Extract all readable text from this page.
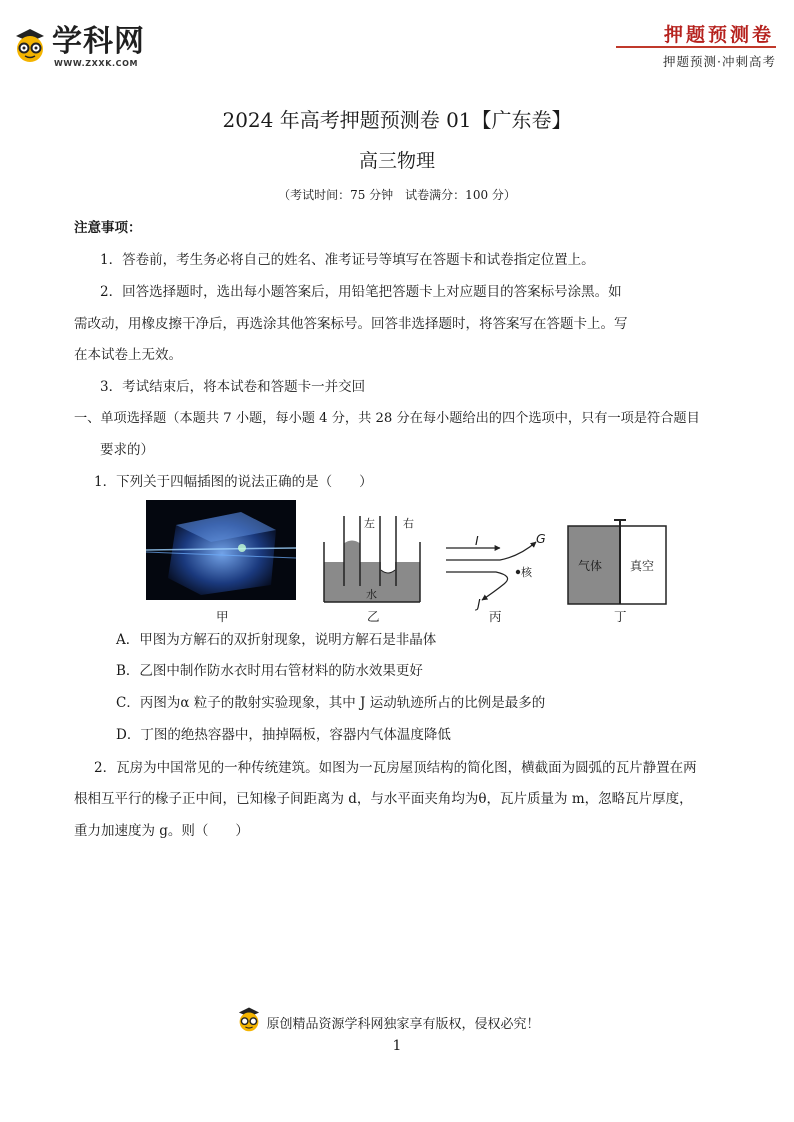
学科网
WWW.ZXXK.COM
押题预测卷
押题预测·冲刺高考
2024 年高考押题预测卷 01【广东卷】
高三物理
（考试时间：75 分钟　试卷满分：100 分）
注意事项：
1．答卷前，考生务必将自己的姓名、准考证号等填写在答题卡和试卷指定位置上。
2．回答选择题时，选出每小题答案后，用铅笔把答题卡上对应题目的答案标号涂黑。如
需改动，用橡皮擦干净后，再选涂其他答案标号。回答非选择题时，将答案写在答题卡上。写
在本试卷上无效。
3．考试结束后，将本试卷和答题卡一并交回
一、单项选择题（本题共 7 小题，每小题 4 分，共 28 分在每小题给出的四个选项中，只有一项是符合题目
要求的）
1．下列关于四幅插图的说法正确的是（　　）
甲
左	右
水
乙
I	G
J
核
丙
气体 真空
丁
A．甲图为方解石的双折射现象，说明方解石是非晶体
B．乙图中制作防水衣时用右管材料的防水效果更好
C．丙图为α 粒子的散射实验现象，其中 J 运动轨迹所占的比例是最多的
D．丁图的绝热容器中，抽掉隔板，容器内气体温度降低
2．瓦房为中国常见的一种传统建筑。如图为一瓦房屋顶结构的简化图，横截面为圆弧的瓦片静置在两
根相互平行的椽子正中间，已知椽子间距离为 d，与水平面夹角均为θ，瓦片质量为 m，忽略瓦片厚度，
重力加速度为 g。则（　　）
原创精品资源学科网独家享有版权，侵权必究！
1
